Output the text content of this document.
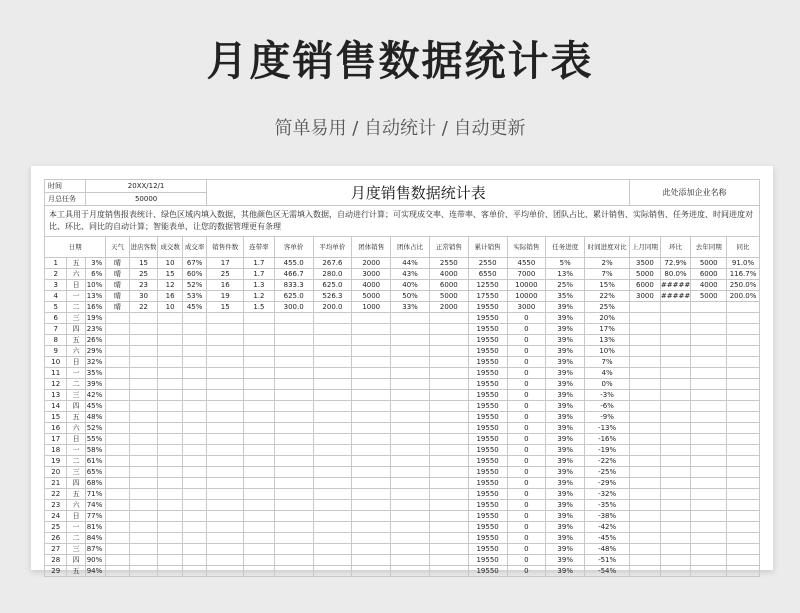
月度销售数据统计表
简单易用 / 自动统计 / 自动更新
时间		20XX/12/1					月度销售数据统计表											此处添加企业名称			
月总任务		50000																			
本工具用于月度销售报表统计、绿色区域内填入数据，其他颜色区无需填入数据，自动进行计算；可实现成交率、连带率、客单价、平均单价、团队占比、累计销售、实际销售、任务进度、时间进度对比、环比、同比的自动计算；智能表单，让您的数据管理更有条理																					
日期			天气	进店客数	成交数	成交率	销售件数	连带率	客单价	平均单价	团体销售	团体占比	正常销售	累计销售	实际销售	任务进度	时间进度对比	上月同期	环比	去年同期	同比
1	五	3%	晴	15	10	67%	17	1.7	455.0	267.6	2000	44%	2550	2550	4550	5%	2%	3500	72.9%	5000	91.0%
2	六	6%	晴	25	15	60%	25	1.7	466.7	280.0	3000	43%	4000	6550	7000	13%	7%	5000	80.0%	6000	116.7%
3	日	10%	晴	23	12	52%	16	1.3	833.3	625.0	4000	40%	6000	12550	10000	25%	15%	6000	#####	4000	250.0%
4	一	13%	晴	30	16	53%	19	1.2	625.0	526.3	5000	50%	5000	17550	10000	35%	22%	3000	#####	5000	200.0%
5	二	16%	晴	22	10	45%	15	1.5	300.0	200.0	1000	33%	2000	19550	3000	39%	25%				
6	三	19%												19550	0	39%	20%				
7	四	23%												19550	0	39%	17%				
8	五	26%												19550	0	39%	13%				
9	六	29%												19550	0	39%	10%				
10	日	32%												19550	0	39%	7%				
11	一	35%												19550	0	39%	4%				
12	二	39%												19550	0	39%	0%				
13	三	42%												19550	0	39%	-3%				
14	四	45%												19550	0	39%	-6%				
15	五	48%												19550	0	39%	-9%				
16	六	52%												19550	0	39%	-13%				
17	日	55%												19550	0	39%	-16%				
18	一	58%												19550	0	39%	-19%				
19	二	61%												19550	0	39%	-22%				
20	三	65%												19550	0	39%	-25%				
21	四	68%												19550	0	39%	-29%				
22	五	71%												19550	0	39%	-32%				
23	六	74%												19550	0	39%	-35%				
24	日	77%												19550	0	39%	-38%				
25	一	81%												19550	0	39%	-42%				
26	二	84%												19550	0	39%	-45%				
27	三	87%												19550	0	39%	-48%				
28	四	90%												19550	0	39%	-51%				
29	五	94%												19550	0	39%	-54%				
